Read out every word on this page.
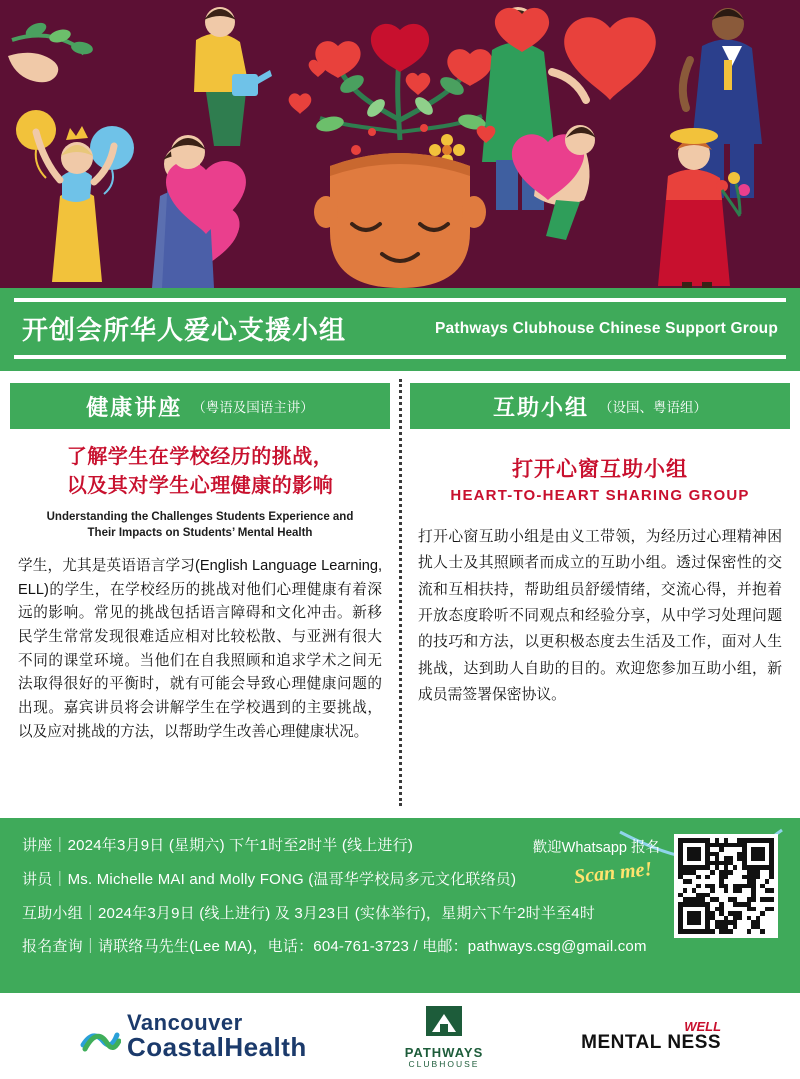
开创会所华人爱心支援小组	Pathways Clubhouse Chinese Support Group
健康讲座 （粤语及国语主讲）
了解学生在学校经历的挑战，
以及其对学生心理健康的影响
Understanding the Challenges Students Experience and
Their Impacts on Students’ Mental Health

学生，尤其是英语语言学习(English Language Learning, ELL)的学生，在学校经历的挑战对他们心理健康有着深远的影响。常见的挑战包括语言障碍和文化冲击。新移民学生常常发现很难适应相对比较松散、与亚洲有很大不同的课堂环境。当他们在自我照顾和追求学术之间无法取得很好的平衡时，就有可能会导致心理健康问题的出现。嘉宾讲员将会讲解学生在学校遇到的主要挑战，以及应对挑战的方法，以帮助学生改善心理健康状况。

互助小组 （设国、粤语组）
打开心窗互助小组
HEART-TO-HEART SHARING GROUP

打开心窗互助小组是由义工带领，为经历过心理精神困扰人士及其照顾者而成立的互助小组。透过保密性的交流和互相扶持，帮助组员舒缓情绪，交流心得，并抱着开放态度聆听不同观点和经验分享，从中学习处理问题的技巧和方法，以更积极态度去生活及工作，面对人生挑战，达到助人自助的目的。欢迎您参加互助小组，新成员需签署保密协议。

讲座｜2024年3月9日 (星期六) 下午1时至2时半 (线上进行)
讲员｜Ms. Michelle MAI and Molly FONG (温哥华学校局多元文化联络员)
互助小组｜2024年3月9日 (线上进行) 及 3月23日 (实体举行)，星期六下午2时半至4时
报名查询｜请联络马先生(Lee MA)，电话：604-761-3723 / 电邮：pathways.csg@gmail.com
歡迎Whatsapp 报名
Scan me!
Vancouver
CoastalHealth	PATHWAYS
CLUBHOUSE
WELL
MENTAL NESS
